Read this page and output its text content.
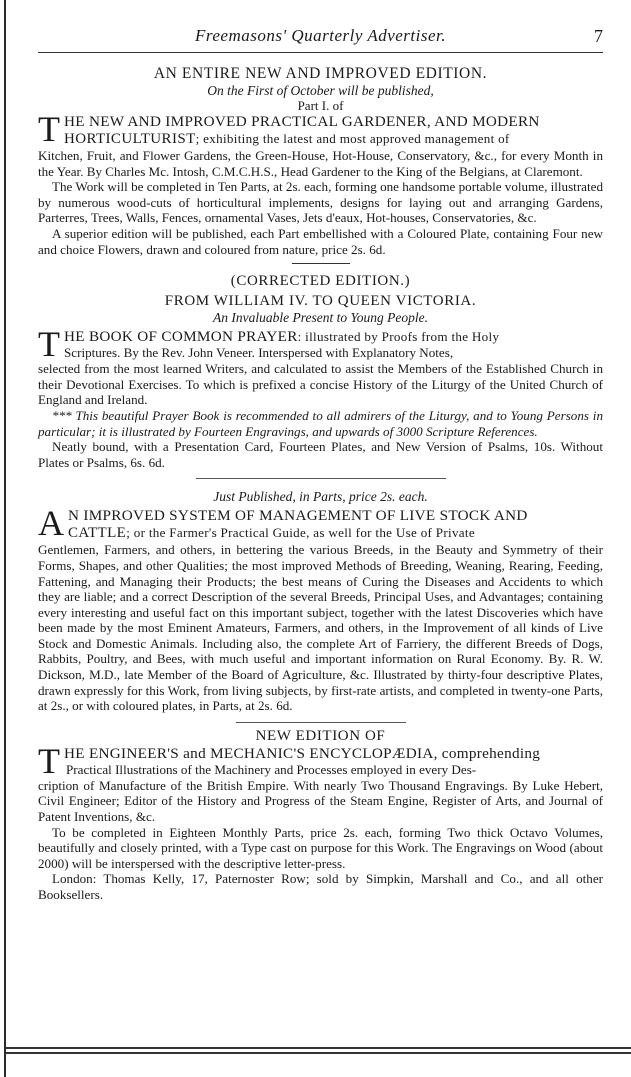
Freemasons' Quarterly Advertiser.	7
AN ENTIRE NEW AND IMPROVED EDITION.
On the First of October will be published,
Part I. of
T HE NEW AND IMPROVED PRACTICAL GARDENER, AND MODERN
HORTICULTURIST; exhibiting the latest and most approved management of

Kitchen, Fruit, and Flower Gardens, the Green-House, Hot-House, Conservatory, &c., for every Month in the Year. By Charles Mc. Intosh, C.M.C.H.S., Head Gardener to the King of the Belgians, at Claremont.

The Work will be completed in Ten Parts, at 2s. each, forming one handsome portable volume, illustrated by numerous wood-cuts of horticultural implements, designs for laying out and arranging Gardens, Parterres, Trees, Walls, Fences, ornamental Vases, Jets d'eaux, Hot-houses, Conservatories, &c.

A superior edition will be published, each Part embellished with a Coloured Plate, containing Four new and choice Flowers, drawn and coloured from nature, price 2s. 6d.

(CORRECTED EDITION.)
FROM WILLIAM IV. TO QUEEN VICTORIA.
An Invaluable Present to Young People.
T HE BOOK OF COMMON PRAYER: illustrated by Proofs from the Holy
Scriptures. By the Rev. John Veneer. Interspersed with Explanatory Notes,

selected from the most learned Writers, and calculated to assist the Members of the Established Church in their Devotional Exercises. To which is prefixed a concise History of the Liturgy of the United Church of England and Ireland.

*** This beautiful Prayer Book is recommended to all admirers of the Liturgy, and to Young Persons in particular; it is illustrated by Fourteen Engravings, and upwards of 3000 Scripture References.

Neatly bound, with a Presentation Card, Fourteen Plates, and New Version of Psalms, 10s. Without Plates or Psalms, 6s. 6d.

Just Published, in Parts, price 2s. each.
A N IMPROVED SYSTEM OF MANAGEMENT OF LIVE STOCK AND
CATTLE; or the Farmer's Practical Guide, as well for the Use of Private

Gentlemen, Farmers, and others, in bettering the various Breeds, in the Beauty and Symmetry of their Forms, Shapes, and other Qualities; the most improved Methods of Breeding, Weaning, Rearing, Feeding, Fattening, and Managing their Products; the best means of Curing the Diseases and Accidents to which they are liable; and a correct Description of the several Breeds, Principal Uses, and Advantages; containing every interesting and useful fact on this important subject, together with the latest Discoveries which have been made by the most Eminent Amateurs, Farmers, and others, in the Improvement of all kinds of Live Stock and Domestic Animals. Including also, the complete Art of Farriery, the different Breeds of Dogs, Rabbits, Poultry, and Bees, with much useful and important information on Rural Economy. By. R. W. Dickson, M.D., late Member of the Board of Agriculture, &c. Illustrated by thirty-four descriptive Plates, drawn expressly for this Work, from living subjects, by first-rate artists, and completed in twenty-one Parts, at 2s., or with coloured plates, in Parts, at 2s. 6d.

NEW EDITION OF
T HE ENGINEER'S and MECHANIC'S ENCYCLOPÆDIA, comprehending
Practical Illustrations of the Machinery and Processes employed in every Des-

cription of Manufacture of the British Empire. With nearly Two Thousand Engravings. By Luke Hebert, Civil Engineer; Editor of the History and Progress of the Steam Engine, Register of Arts, and Journal of Patent Inventions, &c.

To be completed in Eighteen Monthly Parts, price 2s. each, forming Two thick Octavo Volumes, beautifully and closely printed, with a Type cast on purpose for this Work. The Engravings on Wood (about 2000) will be interspersed with the descriptive letter-press.

London: Thomas Kelly, 17, Paternoster Row; sold by Simpkin, Marshall and Co., and all other Booksellers.
